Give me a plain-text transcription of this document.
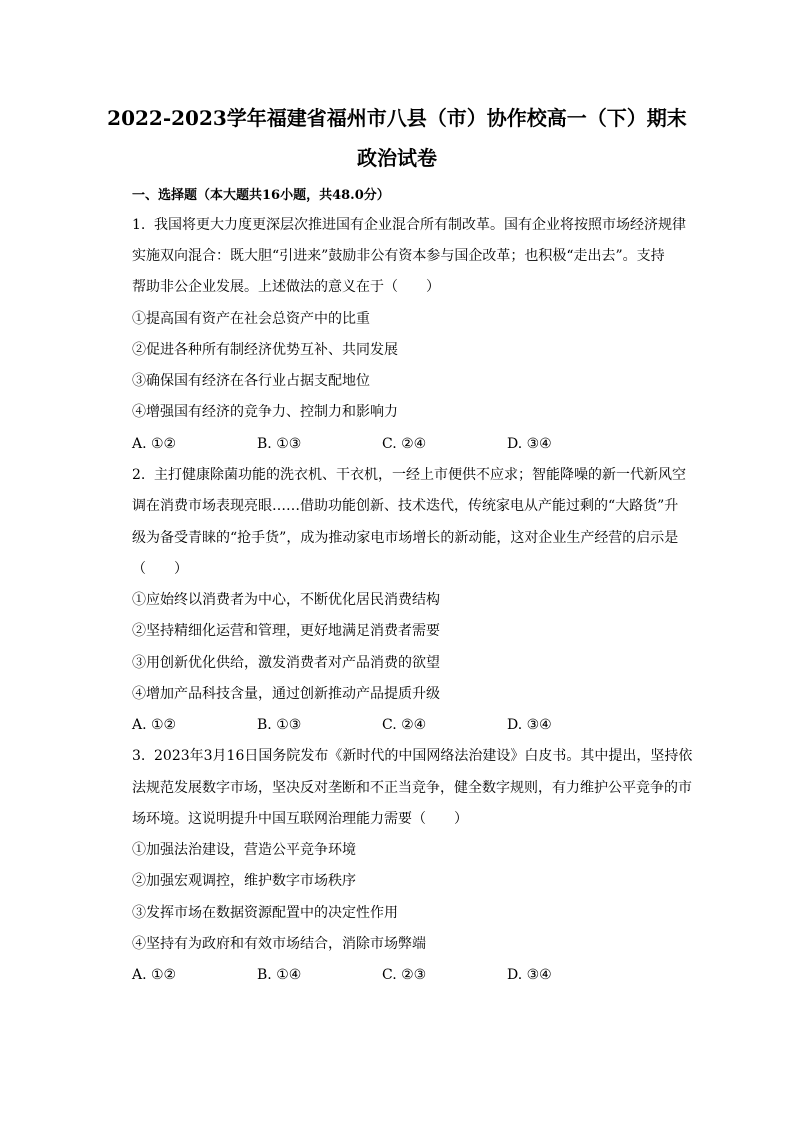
2022-2023学年福建省福州市八县（市）协作校高一（下）期末
政治试卷
一、选择题（本大题共16小题，共48.0分）
1. 我国将更大力度更深层次推进国有企业混合所有制改革。国有企业将按照市场经济规律
实施双向混合：既大胆“引进来”鼓励非公有资本参与国企改革；也积极“走出去”。支持
帮助非公企业发展。上述做法的意义在于（　　）
①提高国有资产在社会总资产中的比重
②促进各种所有制经济优势互补、共同发展
③确保国有经济在各行业占据支配地位
④增强国有经济的竞争力、控制力和影响力
A. ①②	B. ①③	C. ②④	D. ③④
2. 主打健康除菌功能的洗衣机、干衣机，一经上市便供不应求；智能降噪的新一代新风空
调在消费市场表现亮眼……借助功能创新、技术迭代，传统家电从产能过剩的“大路货”升
级为备受青睐的“抢手货”，成为推动家电市场增长的新动能，这对企业生产经营的启示是
（　　）
①应始终以消费者为中心，不断优化居民消费结构
②坚持精细化运营和管理，更好地满足消费者需要
③用创新优化供给，激发消费者对产品消费的欲望
④增加产品科技含量，通过创新推动产品提质升级
A. ①②	B. ①③	C. ②④	D. ③④
3. 2023年3月16日国务院发布《新时代的中国网络法治建设》白皮书。其中提出，坚持依
法规范发展数字市场，坚决反对垄断和不正当竞争，健全数字规则，有力维护公平竞争的市
场环境。这说明提升中国互联网治理能力需要（　　）
①加强法治建设，营造公平竞争环境
②加强宏观调控，维护数字市场秩序
③发挥市场在数据资源配置中的决定性作用
④坚持有为政府和有效市场结合，消除市场弊端
A. ①②	B. ①④	C. ②③	D. ③④
